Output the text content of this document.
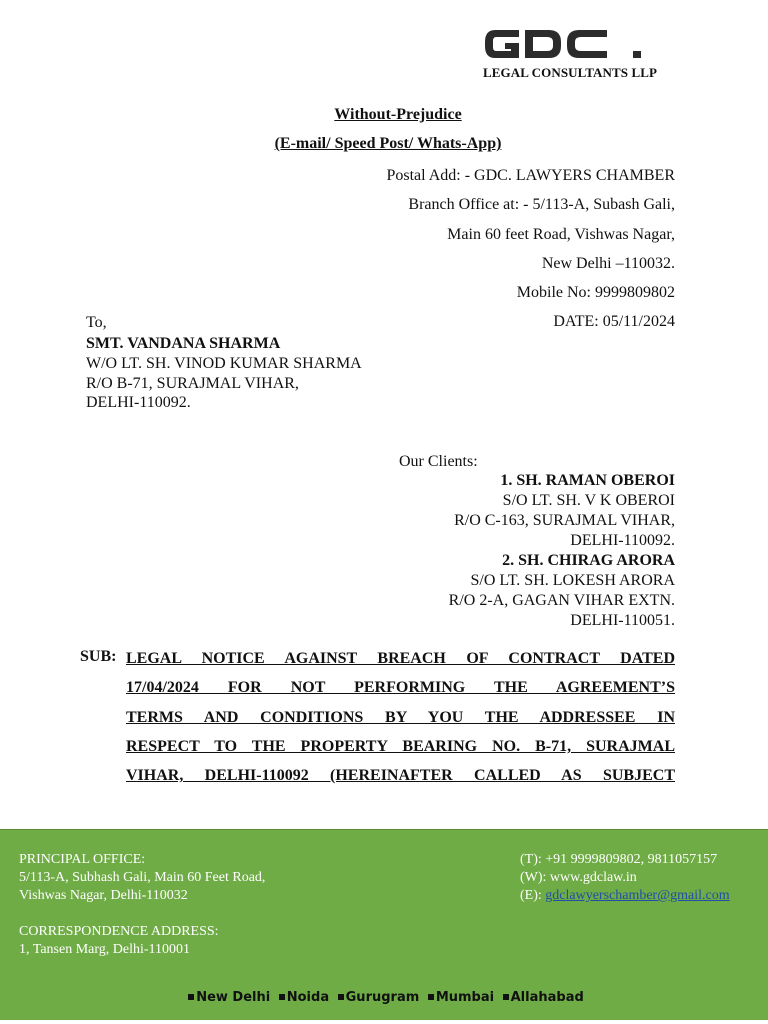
LEGAL CONSULTANTS LLP
Without-Prejudice
(E-mail/ Speed Post/ Whats-App)
Postal Add: - GDC. LAWYERS CHAMBER
Branch Office at: - 5/113-A, Subash Gali,
Main 60 feet Road, Vishwas Nagar,
New Delhi –110032.
Mobile No: 9999809802
DATE: 05/11/2024
To,
SMT. VANDANA SHARMA
W/O LT. SH. VINOD KUMAR SHARMA
R/O B-71, SURAJMAL VIHAR,
DELHI-110092.
Our Clients:
1. SH. RAMAN OBEROI
S/O LT. SH. V K OBEROI
R/O C-163, SURAJMAL VIHAR,
DELHI-110092.
2. SH. CHIRAG ARORA
S/O LT. SH. LOKESH ARORA
R/O 2-A, GAGAN VIHAR EXTN.
DELHI-110051.
SUB: LEGAL NOTICE AGAINST BREACH OF CONTRACT DATED
17/04/2024 FOR NOT PERFORMING THE AGREEMENT’S
TERMS AND CONDITIONS BY YOU THE ADDRESSEE IN
RESPECT TO THE PROPERTY BEARING NO. B-71, SURAJMAL
VIHAR, DELHI-110092 (HEREINAFTER CALLED AS SUBJECT
PRINCIPAL OFFICE:
5/113-A, Subhash Gali, Main 60 Feet Road,
Vishwas Nagar, Delhi-110032
CORRESPONDENCE ADDRESS:
1, Tansen Marg, Delhi-110001
(T): +91 9999809802, 9811057157
(W): www.gdclaw.in
(E): gdclawyerschamber@gmail.com
New Delhi Noida Gurugram Mumbai Allahabad
